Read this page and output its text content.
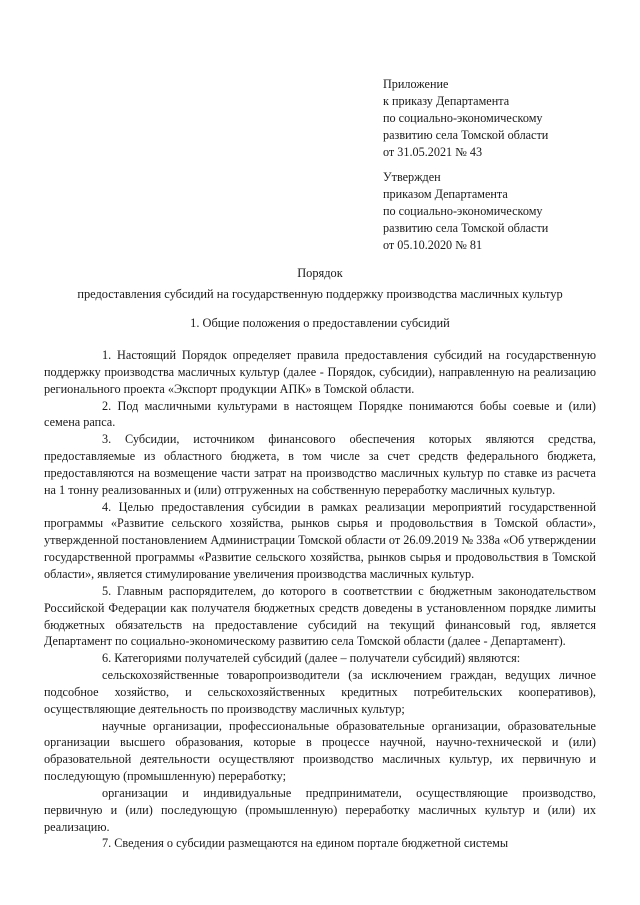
Приложение
к приказу Департамента
по социально-экономическому
развитию села Томской области
от 31.05.2021 № 43
Утвержден
приказом Департамента
по социально-экономическому
развитию села Томской области
от 05.10.2020 № 81
Порядок
предоставления субсидий на государственную поддержку производства масличных культур
1. Общие положения о предоставлении субсидий

1. Настоящий Порядок определяет правила предоставления субсидий на государственную поддержку производства масличных культур (далее - Порядок, субсидии), направленную на реализацию регионального проекта «Экспорт продукции АПК» в Томской области.

2. Под масличными культурами в настоящем Порядке понимаются бобы соевые и (или) семена рапса.

3. Субсидии, источником финансового обеспечения которых являются средства, предоставляемые из областного бюджета, в том числе за счет средств федерального бюджета, предоставляются на возмещение части затрат на производство масличных культур по ставке из расчета на 1 тонну реализованных и (или) отгруженных на собственную переработку масличных культур.

4. Целью предоставления субсидии в рамках реализации мероприятий государственной программы «Развитие сельского хозяйства, рынков сырья и продовольствия в Томской области», утвержденной постановлением Администрации Томской области от 26.09.2019 № 338а «Об утверждении государственной программы «Развитие сельского хозяйства, рынков сырья и продовольствия в Томской области», является стимулирование увеличения производства масличных культур.

5. Главным распорядителем, до которого в соответствии с бюджетным законодательством Российской Федерации как получателя бюджетных средств доведены в установленном порядке лимиты бюджетных обязательств на предоставление субсидий на текущий финансовый год, является Департамент по социально-экономическому развитию села Томской области (далее - Департамент).

6. Категориями получателей субсидий (далее – получатели субсидий) являются:

сельскохозяйственные товаропроизводители (за исключением граждан, ведущих личное подсобное хозяйство, и сельскохозяйственных кредитных потребительских кооперативов), осуществляющие деятельность по производству масличных культур;

научные организации, профессиональные образовательные организации, образовательные организации высшего образования, которые в процессе научной, научно-технической и (или) образовательной деятельности осуществляют производство масличных культур, их первичную и последующую (промышленную) переработку;

организации и индивидуальные предприниматели, осуществляющие производство, первичную и (или) последующую (промышленную) переработку масличных культур и (или) их реализацию.

7. Сведения о субсидии размещаются на едином портале бюджетной системы
